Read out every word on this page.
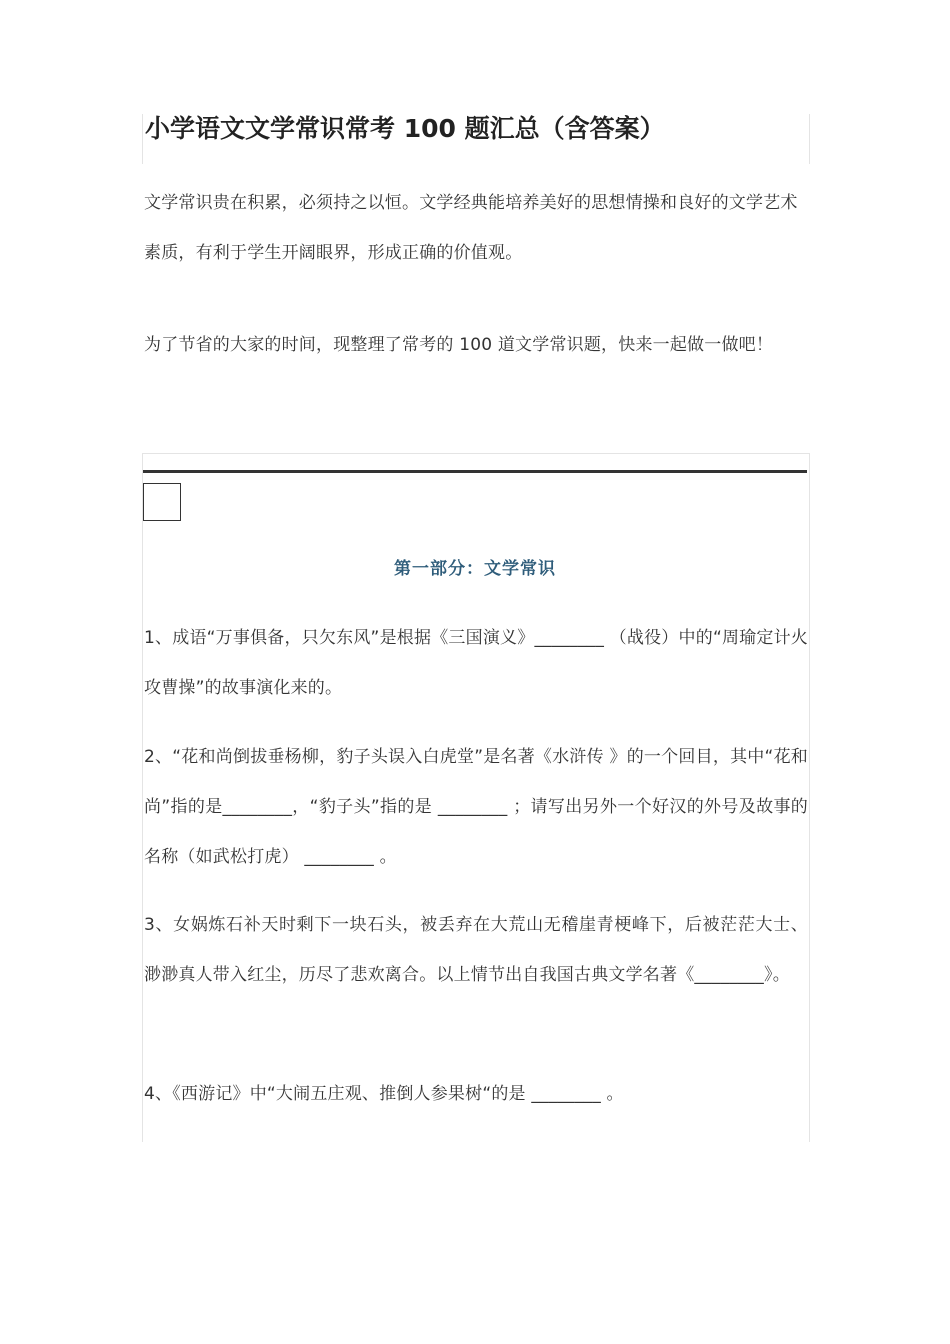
小学语文文学常识常考 100 题汇总（含答案）

文学常识贵在积累，必须持之以恒。文学经典能培养美好的思想情操和良好的文学艺术素质，有利于学生开阔眼界，形成正确的价值观。

为了节省的大家的时间，现整理了常考的 100 道文学常识题，快来一起做一做吧！

第一部分：文学常识

1、成语“万事俱备，只欠东风”是根据《三国演义》________ （战役）中的“周瑜定计火攻曹操”的故事演化来的。

2、“花和尚倒拔垂杨柳，豹子头误入白虎堂”是名著《水浒传 》的一个回目，其中“花和尚”指的是________，“豹子头”指的是 ________ ；请写出另外一个好汉的外号及故事的名称（如武松打虎） ________ 。

3、女娲炼石补天时剩下一块石头，被丢弃在大荒山无稽崖青梗峰下，后被茫茫大士、渺渺真人带入红尘，历尽了悲欢离合。以上情节出自我国古典文学名著《________》。

4、《西游记》中“大闹五庄观、推倒人参果树“的是 ________ 。
